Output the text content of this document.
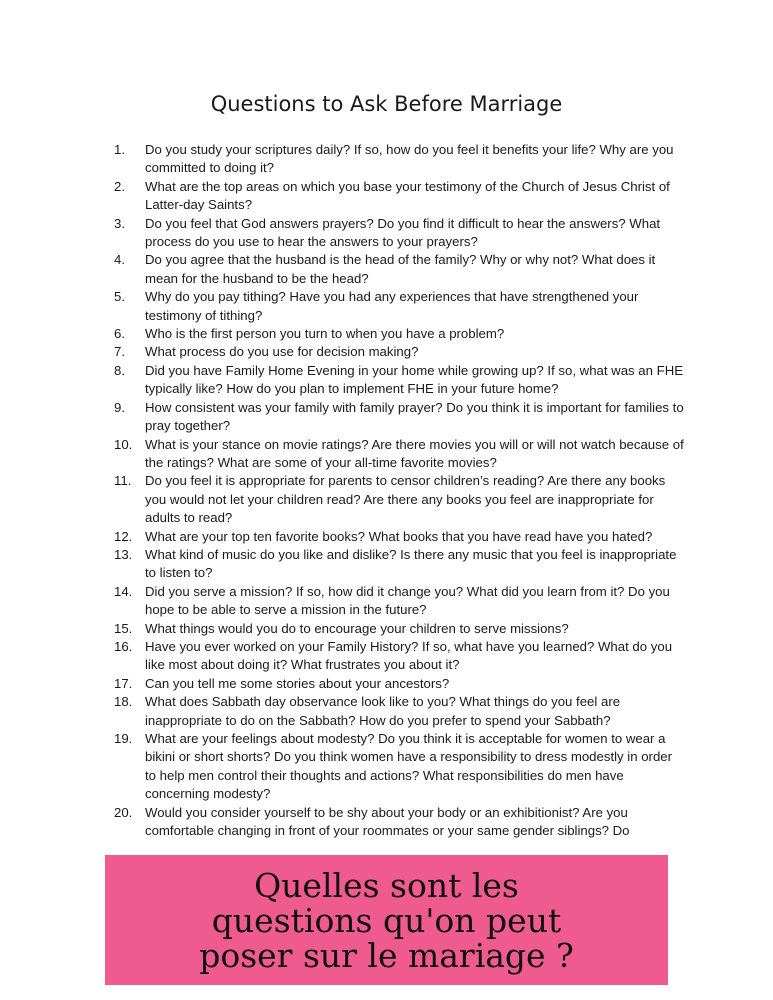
Questions to Ask Before Marriage
1.	Do you study your scriptures daily? If so, how do you feel it benefits your life? Why are you committed to doing it?
2.	What are the top areas on which you base your testimony of the Church of Jesus Christ of Latter-day Saints?
3.	Do you feel that God answers prayers? Do you find it difficult to hear the answers? What process do you use to hear the answers to your prayers?
4.	Do you agree that the husband is the head of the family? Why or why not? What does it mean for the husband to be the head?
5.	Why do you pay tithing? Have you had any experiences that have strengthened your testimony of tithing?
6.	Who is the first person you turn to when you have a problem?
7.	What process do you use for decision making?
8.	Did you have Family Home Evening in your home while growing up? If so, what was an FHE typically like? How do you plan to implement FHE in your future home?
9.	How consistent was your family with family prayer? Do you think it is important for families to pray together?
10. What is your stance on movie ratings? Are there movies you will or will not watch because of the ratings? What are some of your all-time favorite movies?
11.	Do you feel it is appropriate for parents to censor children’s reading? Are there any books you would not let your children read? Are there any books you feel are inappropriate for adults to read?
12. What are your top ten favorite books? What books that you have read have you hated?
13. What kind of music do you like and dislike? Is there any music that you feel is inappropriate to listen to?
14. Did you serve a mission? If so, how did it change you? What did you learn from it? Do you hope to be able to serve a mission in the future?
15. What things would you do to encourage your children to serve missions?
16. Have you ever worked on your Family History? If so, what have you learned? What do you like most about doing it? What frustrates you about it?
17. Can you tell me some stories about your ancestors?
18. What does Sabbath day observance look like to you? What things do you feel are inappropriate to do on the Sabbath? How do you prefer to spend your Sabbath?
19. What are your feelings about modesty? Do you think it is acceptable for women to wear a bikini or short shorts? Do you think women have a responsibility to dress modestly in order to help men control their thoughts and actions? What responsibilities do men have concerning modesty?
20. Would you consider yourself to be shy about your body or an exhibitionist? Are you comfortable changing in front of your roommates or your same gender siblings? Do
Quelles sont les questions qu'on peut poser sur le mariage ?
